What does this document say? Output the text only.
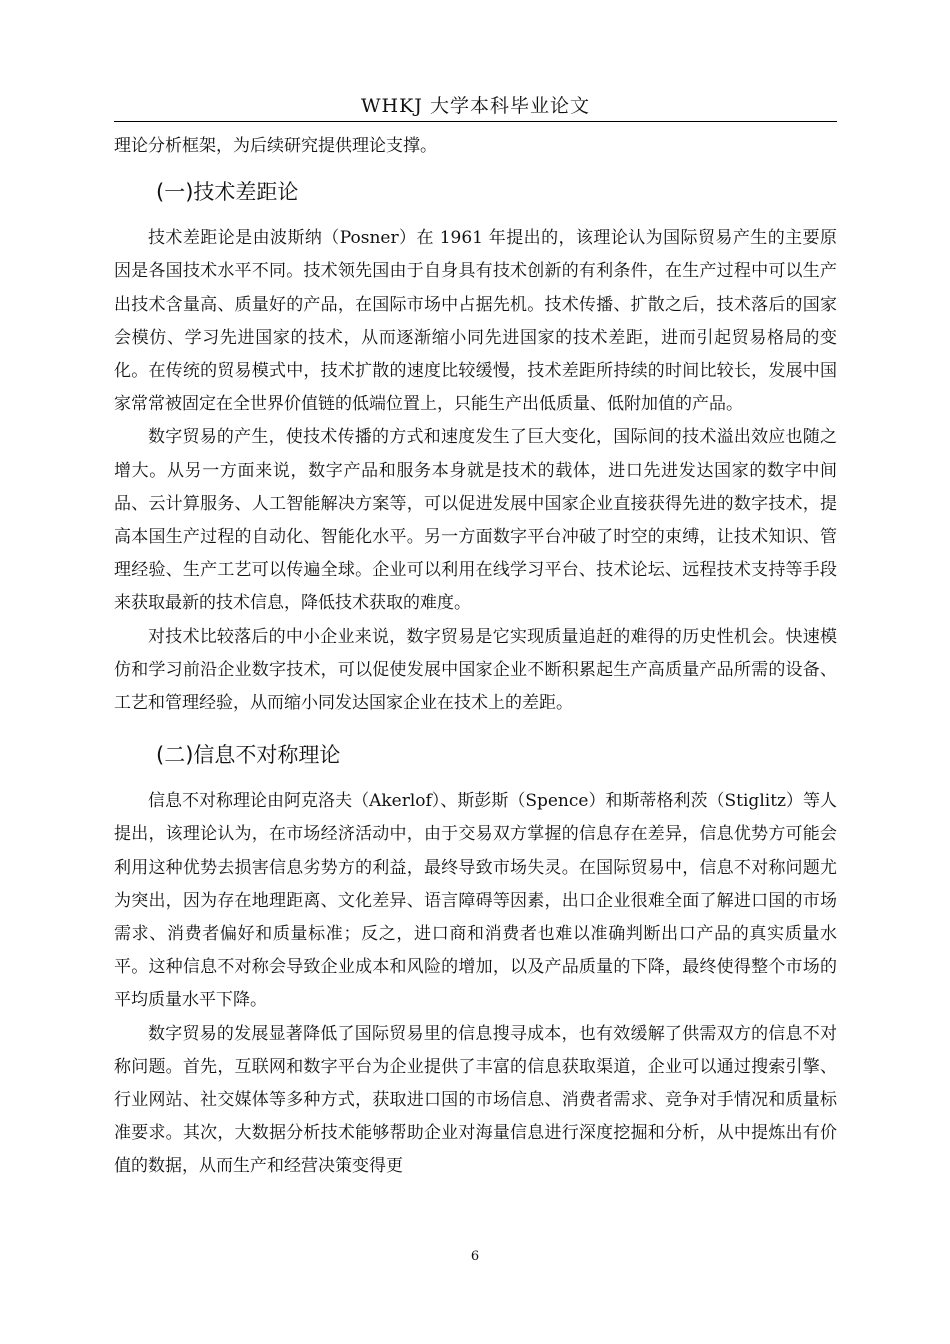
WHKJ 大学本科毕业论文

理论分析框架，为后续研究提供理论支撑。

(一)技术差距论

技术差距论是由波斯纳（Posner）在 1961 年提出的，该理论认为国际贸易产生的主要原因是各国技术水平不同。技术领先国由于自身具有技术创新的有利条件，在生产过程中可以生产出技术含量高、质量好的产品，在国际市场中占据先机。技术传播、扩散之后，技术落后的国家会模仿、学习先进国家的技术，从而逐渐缩小同先进国家的技术差距，进而引起贸易格局的变化。在传统的贸易模式中，技术扩散的速度比较缓慢，技术差距所持续的时间比较长，发展中国家常常被固定在全世界价值链的低端位置上，只能生产出低质量、低附加值的产品。

数字贸易的产生，使技术传播的方式和速度发生了巨大变化，国际间的技术溢出效应也随之增大。从另一方面来说，数字产品和服务本身就是技术的载体，进口先进发达国家的数字中间品、云计算服务、人工智能解决方案等，可以促进发展中国家企业直接获得先进的数字技术，提高本国生产过程的自动化、智能化水平。另一方面数字平台冲破了时空的束缚，让技术知识、管理经验、生产工艺可以传遍全球。企业可以利用在线学习平台、技术论坛、远程技术支持等手段来获取最新的技术信息，降低技术获取的难度。

对技术比较落后的中小企业来说，数字贸易是它实现质量追赶的难得的历史性机会。快速模仿和学习前沿企业数字技术，可以促使发展中国家企业不断积累起生产高质量产品所需的设备、工艺和管理经验，从而缩小同发达国家企业在技术上的差距。

(二)信息不对称理论

信息不对称理论由阿克洛夫（Akerlof）、斯彭斯（Spence）和斯蒂格利茨（Stiglitz）等人提出，该理论认为，在市场经济活动中，由于交易双方掌握的信息存在差异，信息优势方可能会利用这种优势去损害信息劣势方的利益，最终导致市场失灵。在国际贸易中，信息不对称问题尤为突出，因为存在地理距离、文化差异、语言障碍等因素，出口企业很难全面了解进口国的市场需求、消费者偏好和质量标准；反之，进口商和消费者也难以准确判断出口产品的真实质量水平。这种信息不对称会导致企业成本和风险的增加，以及产品质量的下降，最终使得整个市场的平均质量水平下降。

数字贸易的发展显著降低了国际贸易里的信息搜寻成本，也有效缓解了供需双方的信息不对称问题。首先，互联网和数字平台为企业提供了丰富的信息获取渠道，企业可以通过搜索引擎、行业网站、社交媒体等多种方式，获取进口国的市场信息、消费者需求、竞争对手情况和质量标准要求。其次，大数据分析技术能够帮助企业对海量信息进行深度挖掘和分析，从中提炼出有价值的数据，从而生产和经营决策变得更

6
